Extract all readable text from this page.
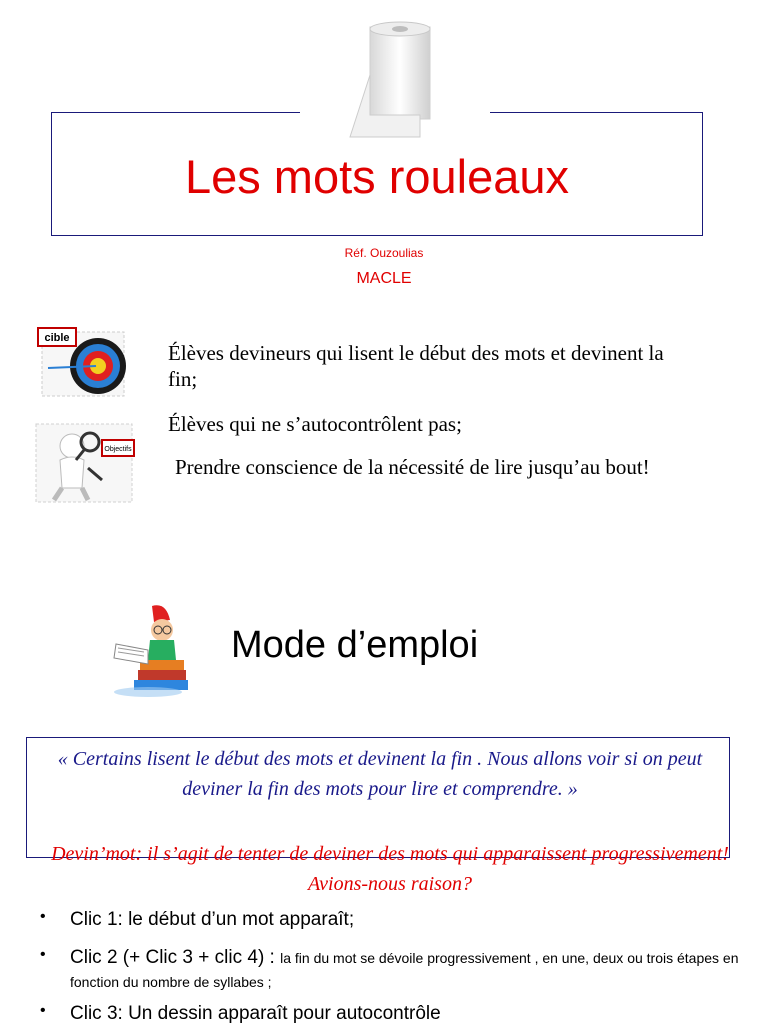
Les mots rouleaux
Réf. Ouzoulias
MACLE
cible
Objectifs
Élèves devineurs qui lisent le début des mots et devinent la fin;
Élèves qui ne s’autocontrôlent pas;
Prendre conscience de la nécessité de lire jusqu’au bout!
Mode d’emploi
« Certains lisent le début des mots et devinent la fin . Nous allons voir si on peut deviner la fin des mots pour lire et comprendre. »
Devin’mot: il s’agit de tenter de deviner des mots qui apparaissent progressivement! Avions-nous raison?
• Clic 1: le début d’un mot apparaît;
• Clic 2 (+ Clic 3 + clic 4) : la fin du mot se dévoile progressivement , en une, deux ou trois étapes en fonction du nombre de syllabes ;
• Clic 3: Un dessin apparaît pour autocontrôle
